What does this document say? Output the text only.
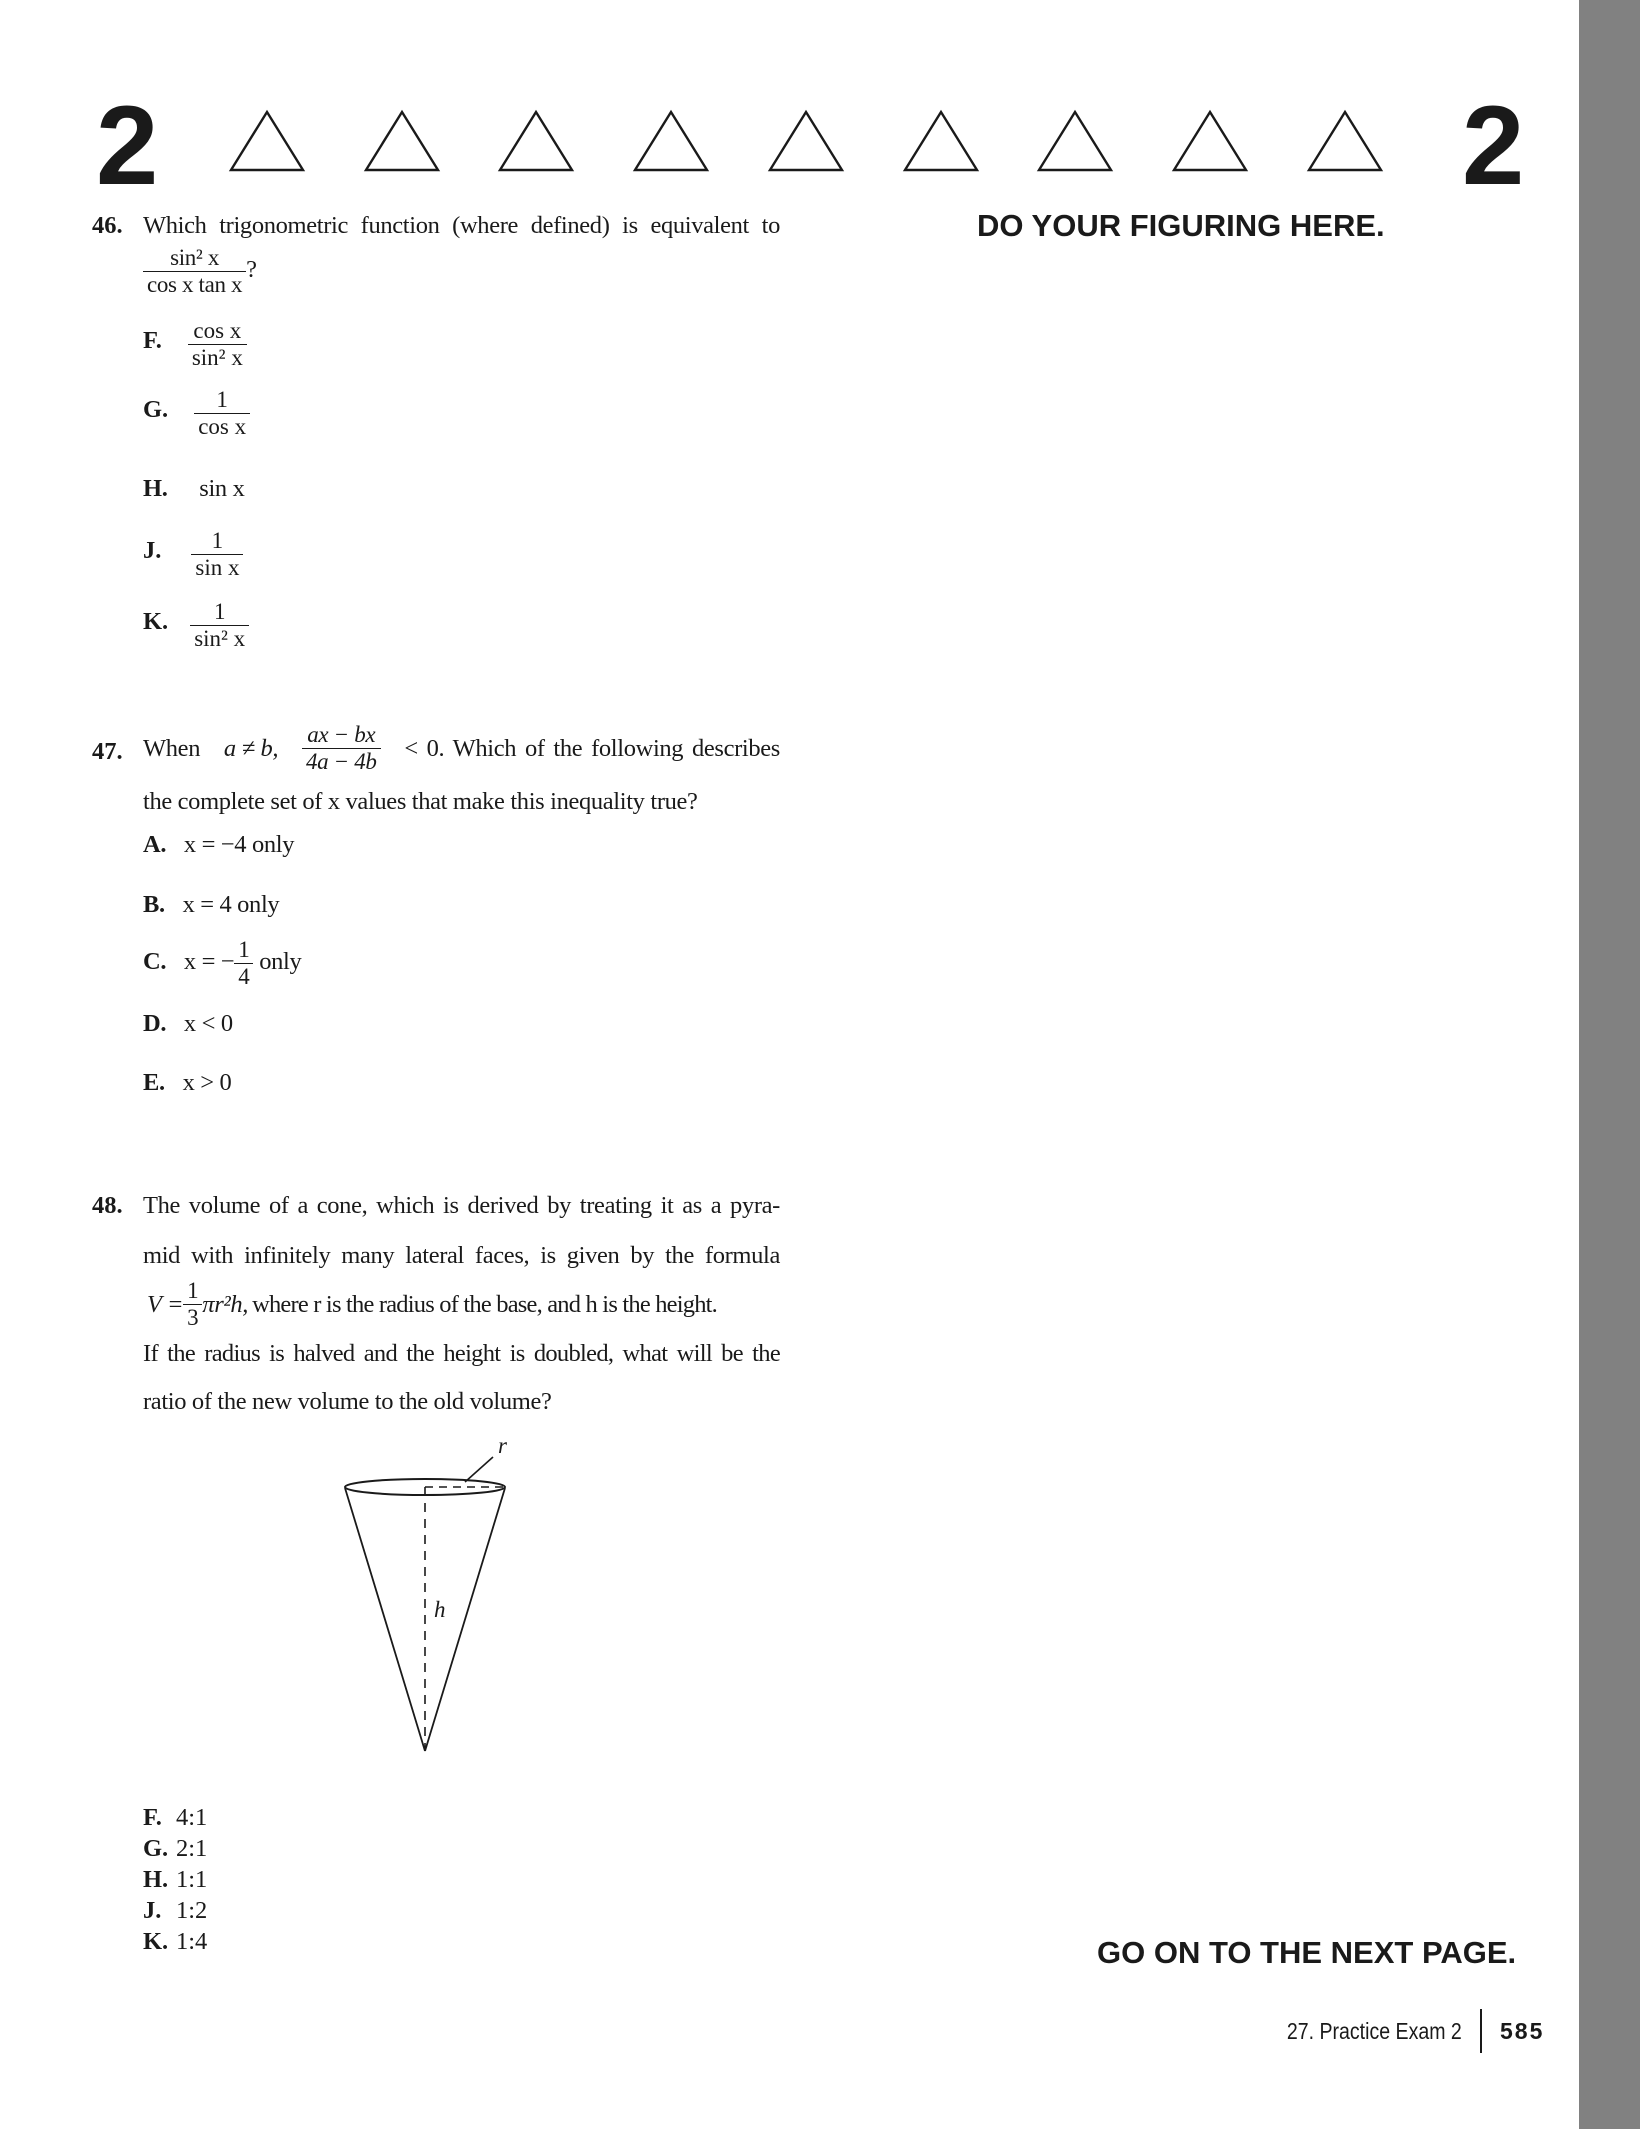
2	2
DO YOUR FIGURING HERE.
46. Which trigonometric function (where defined) is equivalent to
$\frac{\text{sin² x}}{\text{cos x tan x}}$ ?
F. $\frac{\text{cos x}}{\text{sin² x}}$
G. $\frac{1}{\text{cos x}}$
H. sin x
J. $\frac{1}{\text{sin x}}$
K. $\frac{1}{\text{sin² x}}$
47. When a ≠ b, $\frac{ax - bx}{4a - 4b} < 0$. Which of the following describes
the complete set of x values that make this inequality true?
A. x = −4 only
B. x = 4 only
C. x = − $\frac{1}{4}$ only
D. x < 0
E. x > 0
48. The volume of a cone, which is derived by treating it as a pyra-
mid with infinitely many lateral faces, is given by the formula
$V = \frac{1}{3} \pi r^2h$, where r is the radius of the base, and h is the height.
If the radius is halved and the height is doubled, what will be the
ratio of the new volume to the old volume?
r
h
F. 4:1
G. 2:1
H. 1:1
J. 1:2
K. 1:4	GO ON TO THE NEXT PAGE.
27. Practice Exam 2 585
